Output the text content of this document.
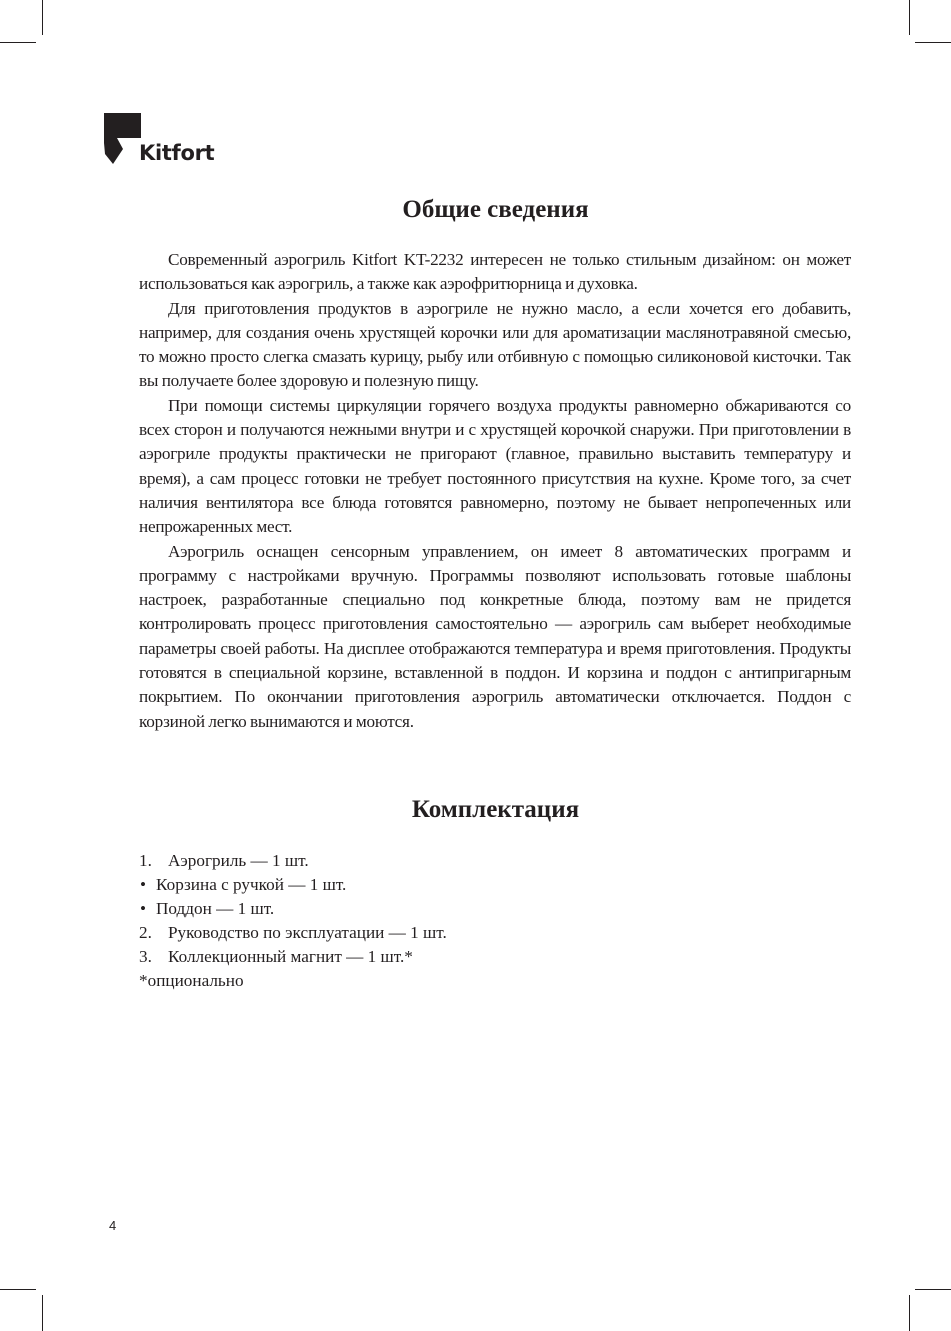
Kitfort
Общие сведения

Современный аэрогриль Kitfort KT-2232 интересен не только стильным дизайном: он может использоваться как аэрогриль, а также как аэрофритюрница и духовка.

Для приготовления продуктов в аэрогриле не нужно масло, а если хочется его добавить, например, для создания очень хрустящей корочки или для ароматизации маслянотравяной смесью, то можно просто слегка смазать курицу, рыбу или отбивную с помощью силиконовой кисточки. Так вы получаете более здоровую и полезную пищу.

При помощи системы циркуляции горячего воздуха продукты равномерно обжариваются со всех сторон и получаются нежными внутри и с хрустящей корочкой снаружи. При приготовлении в аэрогриле продукты практически не пригорают (главное, правильно выставить температуру и время), а сам процесс готовки не требует постоянного присутствия на кухне. Кроме того, за счет наличия вентилятора все блюда готовятся равномерно, поэтому не бывает непропеченных или непрожаренных мест.

Аэрогриль оснащен сенсорным управлением, он имеет 8 автоматических программ и программу с настройками вручную. Программы позволяют использовать готовые шаблоны настроек, разработанные специально под конкретные блюда, поэтому вам не придется контролировать процесс приготовления самостоятельно — аэрогриль сам выберет необходимые параметры своей работы. На дисплее отображаются температура и время приготовления. Продукты готовятся в специальной корзине, вставленной в поддон. И корзина и поддон с антипригарным покрытием. По окончании приготовления аэрогриль автоматически отключается. Поддон с корзиной легко вынимаются и моются.

Комплектация
1. Аэрогриль — 1 шт.
• Корзина с ручкой — 1 шт.
• Поддон — 1 шт.
2. Руководство по эксплуатации — 1 шт.
3. Коллекционный магнит — 1 шт.*
*опционально
4
